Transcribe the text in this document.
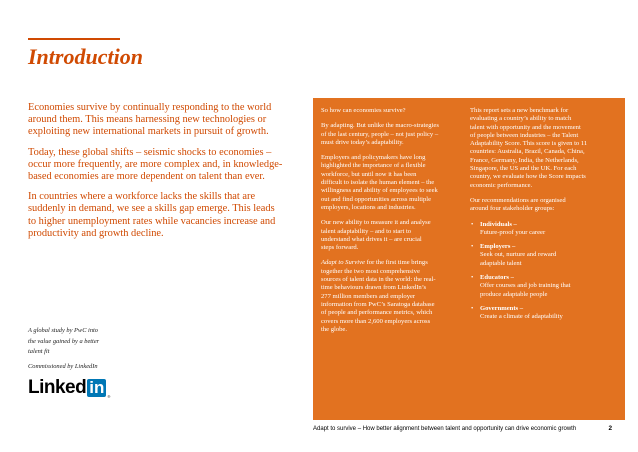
Introduction

Economies survive by continually responding to the world
around them. This means harnessing new technologies or
exploiting new international markets in pursuit of growth.

Today, these global shifts – seismic shocks to economies –
occur more frequently, are more complex and, in knowledge-
based economies are more dependent on talent than ever.

In countries where a workforce lacks the skills that are
suddenly in demand, we see a skills gap emerge. This leads
to higher unemployment rates while vacancies increase and
productivity and growth decline.

A global study by PwC into
the value gained by a better
talent fit
Commissioned by LinkedIn
Linked in ®

So how can economies survive?

By adapting. But unlike the macro-strategies
of the last century, people – not just policy –
must drive today’s adaptability.

Employers and policymakers have long
highlighted the importance of a flexible
workforce, but until now it has been
difficult to isolate the human element – the
willingness and ability of employees to seek
out and find opportunities across multiple
employers, locations and industries.

Our new ability to measure it and analyse
talent adaptability – and to start to
understand what drives it – are crucial
steps forward.

Adapt to Survive for the first time brings
together the two most comprehensive
sources of talent data in the world: the real-
time behaviours drawn from LinkedIn’s
277 million members and employer
information from PwC’s Saratoga database
of people and performance metrics, which
covers more than 2,600 employers across
the globe.

This report sets a new benchmark for
evaluating a country’s ability to match
talent with opportunity and the movement
of people between industries – the Talent
Adaptability Score. This score is given to 11
countries: Australia, Brazil, Canada, China,
France, Germany, India, the Netherlands,
Singapore, the US and the UK. For each
country, we evaluate how the Score impacts
economic performance.

Our recommendations are organised
around four stakeholder groups:

• Individuals –
Future-proof your career
• Employers –
Seek out, nurture and reward
adaptable talent
• Educators –
Offer courses and job training that
produce adaptable people
• Governments –
Create a climate of adaptability
Adapt to survive – How better alignment between talent and opportunity can drive economic growth	2
